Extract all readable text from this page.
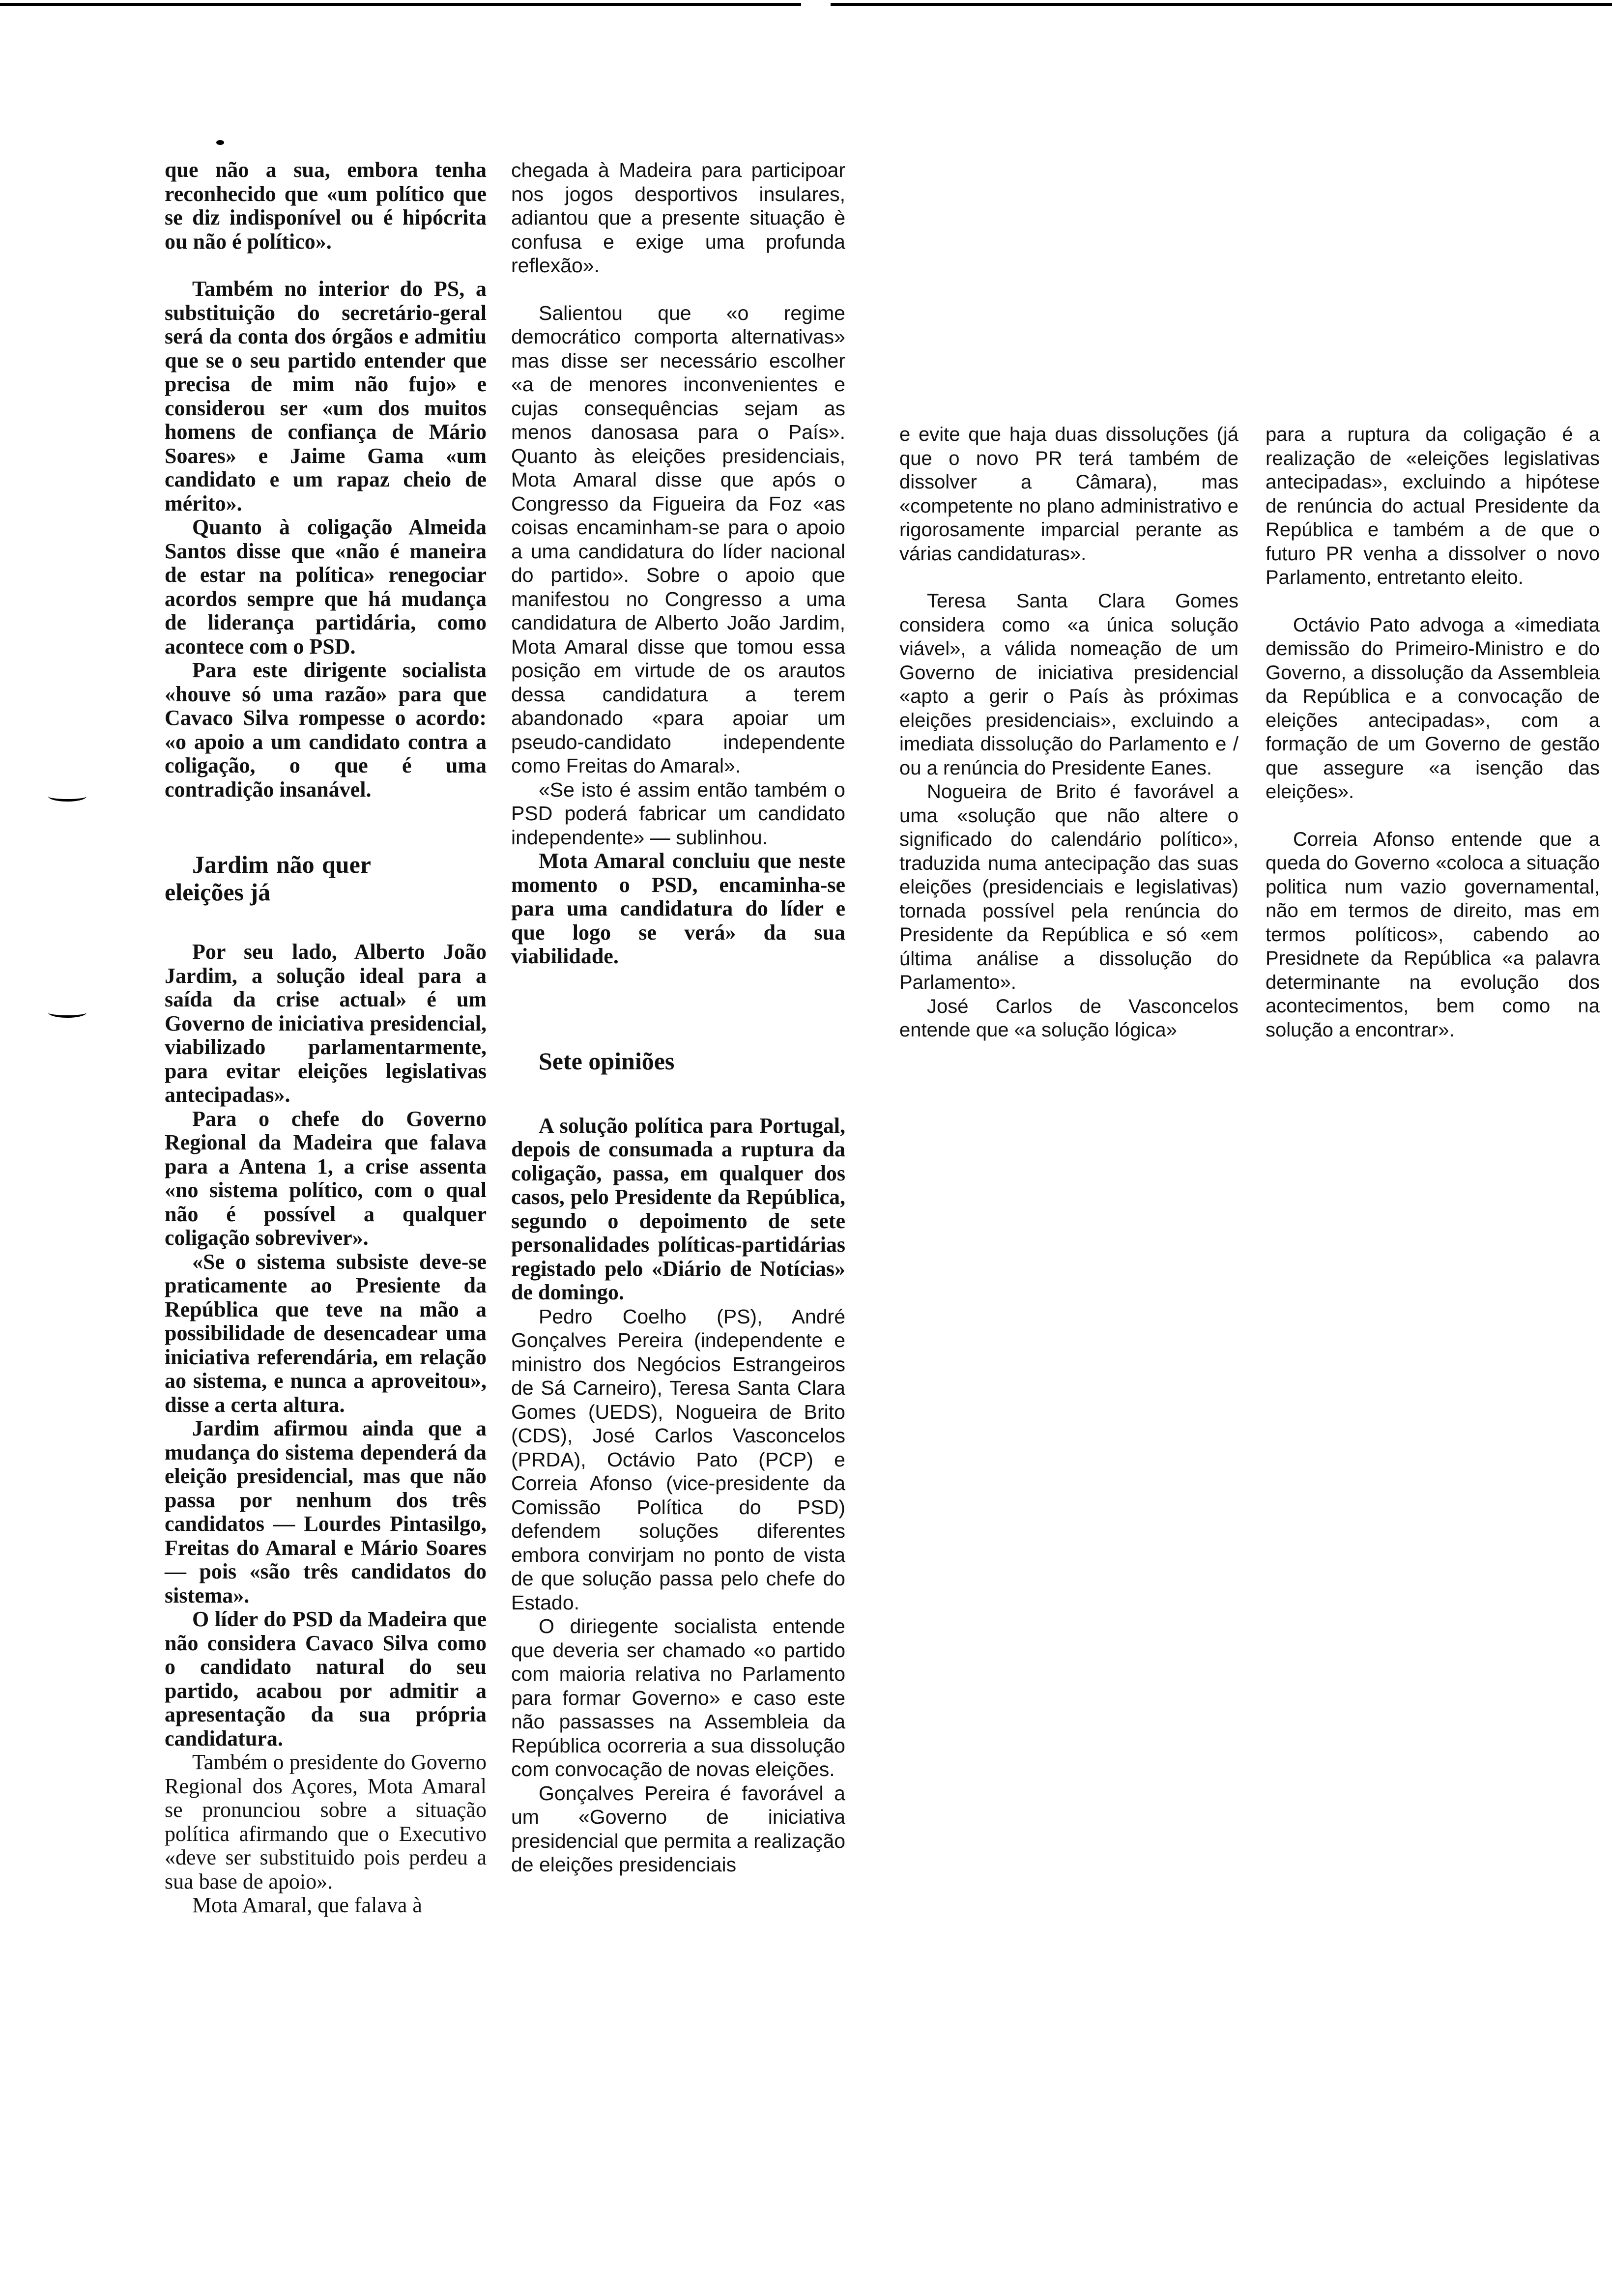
que não a sua, embora tenha reconhecido que «um político que se diz indisponível ou é hipócrita ou não é político».

Também no interior do PS, a substituição do secretário-geral será da conta dos órgãos e admitiu que se o seu partido entender que precisa de mim não fujo» e considerou ser «um dos muitos homens de confiança de Mário Soares» e Jaime Gama «um candidato e um rapaz cheio de mérito».

Quanto à coligação Almeida Santos disse que «não é maneira de estar na política» renegociar acordos sempre que há mudança de liderança partidária, como acontece com o PSD.

Para este dirigente socialista «houve só uma razão» para que Cavaco Silva rompesse o acordo: «o apoio a um candidato contra a coligação, o que é uma contradição insanável.

Jardim não quer eleições já

Por seu lado, Alberto João Jardim, a solução ideal para a saída da crise actual» é um Governo de iniciativa presidencial, viabilizado parlamentarmente, para evitar eleições legislativas antecipadas».

Para o chefe do Governo Regional da Madeira que falava para a Antena 1, a crise assenta «no sistema político, com o qual não é possível a qualquer coligação sobreviver».

«Se o sistema subsiste deve-se praticamente ao Presiente da República que teve na mão a possibilidade de desencadear uma iniciativa referendária, em relação ao sistema, e nunca a aproveitou», disse a certa altura.

Jardim afirmou ainda que a mudança do sistema dependerá da eleição presidencial, mas que não passa por nenhum dos três candidatos — Lourdes Pintasilgo, Freitas do Amaral e Mário Soares — pois «são três candidatos do sistema».

O líder do PSD da Madeira que não considera Cavaco Silva como o candidato natural do seu partido, acabou por admitir a apresentação da sua própria candidatura.

Também o presidente do Governo Regional dos Açores, Mota Amaral se pronunciou sobre a situação política afirmando que o Executivo «deve ser substituido pois perdeu a sua base de apoio».

Mota Amaral, que falava à

chegada à Madeira para participoar nos jogos desportivos insulares, adiantou que a presente situação è confusa e exige uma profunda reflexão».

Salientou que «o regime democrático comporta alternativas» mas disse ser necessário escolher «a de menores inconvenientes e cujas consequências sejam as menos danosasa para o País». Quanto às eleições presidenciais, Mota Amaral disse que após o Congresso da Figueira da Foz «as coisas encaminham-se para o apoio a uma candidatura do líder nacional do partido». Sobre o apoio que manifestou no Congresso a uma candidatura de Alberto João Jardim, Mota Amaral disse que tomou essa posição em virtude de os arautos dessa candidatura a terem abandonado «para apoiar um pseudo-candidato independente como Freitas do Amaral».

«Se isto é assim então também o PSD poderá fabricar um candidato independente» — sublinhou.

Mota Amaral concluiu que neste momento o PSD, encaminha-se para uma candidatura do líder e que logo se verá» da sua viabilidade.

Sete opiniões

A solução política para Portugal, depois de consumada a ruptura da coligação, passa, em qualquer dos casos, pelo Presidente da República, segundo o depoimento de sete personalidades políticas-partidárias registado pelo «Diário de Notícias» de domingo.

Pedro Coelho (PS), André Gonçalves Pereira (independente e ministro dos Negócios Estrangeiros de Sá Carneiro), Teresa Santa Clara Gomes (UEDS), Nogueira de Brito (CDS), José Carlos Vasconcelos (PRDA), Octávio Pato (PCP) e Correia Afonso (vice-presidente da Comissão Política do PSD) defendem soluções diferentes embora convirjam no ponto de vista de que solução passa pelo chefe do Estado.

O diriegente socialista entende que deveria ser chamado «o partido com maioria relativa no Parlamento para formar Governo» e caso este não passasses na Assembleia da República ocorreria a sua dissolução com convocação de novas eleições.

Gonçalves Pereira é favorável a um «Governo de iniciativa presidencial que permita a realização de eleições presidenciais

e evite que haja duas dissoluções (já que o novo PR terá também de dissolver a Câmara), mas «competente no plano administrativo e rigorosamente imparcial perante as várias candidaturas».

Teresa Santa Clara Gomes considera como «a única solução viável», a válida nomeação de um Governo de iniciativa presidencial «apto a gerir o País às próximas eleições presidenciais», excluindo a imediata dissolução do Parlamento e / ou a renúncia do Presidente Eanes.

Nogueira de Brito é favorável a uma «solução que não altere o significado do calendário político», traduzida numa antecipação das suas eleições (presidenciais e legislativas) tornada possível pela renúncia do Presidente da República e só «em última análise a dissolução do Parlamento».

José Carlos de Vasconcelos entende que «a solução lógica»

para a ruptura da coligação é a realização de «eleições legislativas antecipadas», excluindo a hipótese de renúncia do actual Presidente da República e também a de que o futuro PR venha a dissolver o novo Parlamento, entretanto eleito.

Octávio Pato advoga a «imediata demissão do Primeiro-Ministro e do Governo, a dissolução da Assembleia da República e a convocação de eleições antecipadas», com a formação de um Governo de gestão que assegure «a isenção das eleições».

Correia Afonso entende que a queda do Governo «coloca a situação politica num vazio governamental, não em termos de direito, mas em termos políticos», cabendo ao Presidnete da República «a palavra determinante na evolução dos acontecimentos, bem como na solução a encontrar».
